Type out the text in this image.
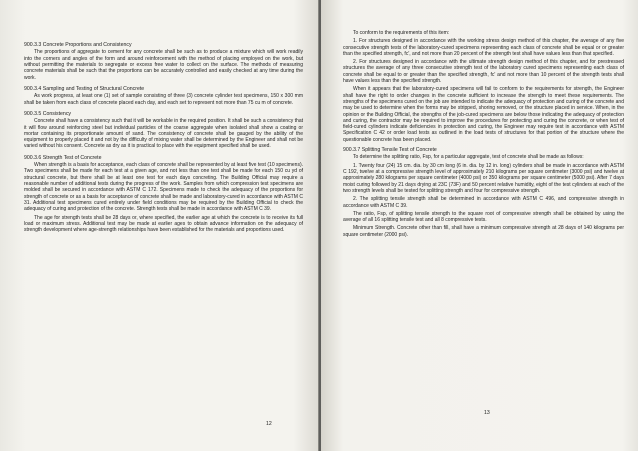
900.3.3 Concrete Proportions and Consistency

The proportions of aggregate to cement for any concrete shall be such as to produce a mixture which will work readily into the corners and angles of the form and around reinforcement with the method of placing employed on the work, but without permitting the materials to segregate or excess free water to collect on the surface. The methods of measuring concrete materials shall be such that the proportions can be accurately controlled and easily checked at any time during the work.

900.3.4 Sampling and Testing of Structural Concrete

As work progress, at least one (1) set of sample consisting of three (3) concrete cylinder test specimens, 150 x 300 mm shall be taken from each class of concrete placed each day, and each set to represent not more than 75 cu m of concrete.

900.3.5 Consistency

Concrete shall have a consistency such that it will be workable in the required position. It shall be such a consistency that it will flow around reinforcing steel but individual particles of the coarse aggregate when isolated shall show a coating or mortar containing its proportionate amount of sand. The consistency of concrete shall be gauged by the ability of the equipment to properly placed it and not by the difficulty of mixing water shall be determined by the Engineer and shall not be varied without his consent. Concrete as dry as it is practical to place with the equipment specified shall be used.

900.3.6 Strength Test of Concrete

When strength is a basis for acceptance, each class of concrete shall be represented by at least five test (10 specimens). Two specimens shall be made for each test at a given age, and not less than one test shall be made for each 150 cu yd of structural concrete, but there shall be at least one test for each days concreting. The Building Official may require a reasonable number of additional tests during the progress of the work. Samples from which compression test specimens are molded shall be secured in accordance with ASTM C 172. Specimens made to check the adequacy of the proportions for strength of concrete or as a basis for acceptance of concrete shall be made and laboratory-cured in accordance with ASTM C 31. Additional test specimens cured entirely under field conditions may be required by the Building Official to check the adequacy of curing and protection of the concrete. Strength tests shall be made in accordance with ASTM C 39.

The age for strength tests shall be 28 days or, where specified, the earlier age at which the concrete is to receive its full load or maximum stress. Additional test may be made at earlier ages to obtain advance information on the adequacy of strength development where age-strength relationships have been established for the materials and proportions used.

12

To conform to the requirements of this item:

1. For structures designed in accordance with the working stress design method of this chapter, the average of any five consecutive strength tests of the laboratory-cured specimens representing each class of concrete shall be equal or or greater than the specified strength, fc', and not more than 20 percent of the strength test shall have values less than that specified.

2. For structures designed in accordance with the ultimate strength design method of this chapter, and for prestressed structures the average of any three consecutive strength test of the laboratory cured specimens representing each class of concrete shall be equal to or greater than the specified strength, fc' and not more than 10 percent of the strength tests shall have values less than the specified strength.

When it appears that the laboratory-cured specimens will fail to conform to the requirements for strength, the Engineer shall have the right to order changes in the concrete sufficient to increase the strength to meet these requirements. The strengths of the specimens cured on the job are intended to indicate the adequacy of protection and curing of the concrete and may be used to determine when the forms may be stripped, shoring removed, or the structure placed in service. When, in the opinion or the Building Official, the strengths of the job-cured specimens are below those indicating the adequacy of protection and curing, the contractor may be required to improve the procedures for protecting and curing the concrete, or when test of field-cured cylinders indicate deficiencies in protection and curing, the Engineer may require test in accordance with ASTM Specification C 42 or order load tests as outlined in the load tests of structures for that portion of the structure where the questionable concrete has been placed.

900.3.7 Splitting Tensile Test of Concrete

To determine the splitting ratio, Fsp, for a particular aggregate, test of concrete shall be made as follows:

1. Twenty four (24) 15 cm. dia. by 30 cm long (6 in. dia. by 12 in. long) cylinders shall be made in accordance with ASTM C 192, twelve at a compressive strength level of approximately 210 kilograms per square centimeter (3000 psi) and twelve at approximately 280 kilograms per square centimeter (4000 psi) or 350 kilograms per square centimeter (5000 psi). After 7 days moist curing followed by 21 days drying at 23C (73F) and 50 percent relative humidity, eight of the test cylinders at each of the two strength levels shall be tested for splitting strength and four for compressive strength.

2. The splitting tensile strength shall be determined in accordance with ASTM C 496, and compressive strength in accordance with ASTM C 39.

The ratio, Fsp, of splitting tensile strength to the square root of compressive strength shall be obtained by using the average of all 16 splitting tensile test and all 8 compressive tests.

Minimum Strength. Concrete other than fill, shall have a minimum compressive strength at 28 days of 140 kilograms per square centimeter (2000 psi).

13
